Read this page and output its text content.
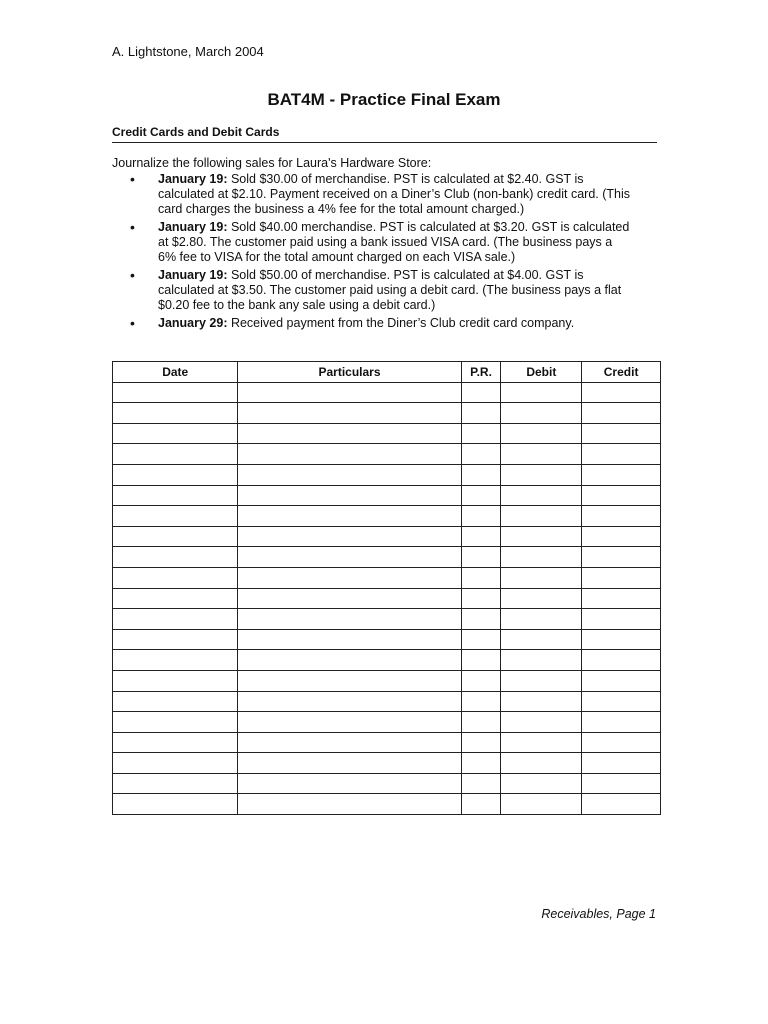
A. Lightstone, March 2004
BAT4M - Practice Final Exam
Credit Cards and Debit Cards
Journalize the following sales for Laura's Hardware Store:
• January 19: Sold $30.00 of merchandise. PST is calculated at $2.40. GST is calculated at $2.10. Payment received on a Diner’s Club (non-bank) credit card. (This card charges the business a 4% fee for the total amount charged.)
• January 19: Sold $40.00 merchandise. PST is calculated at $3.20. GST is calculated at $2.80. The customer paid using a bank issued VISA card. (The business pays a 6% fee to VISA for the total amount charged on each VISA sale.)
• January 19: Sold $50.00 of merchandise. PST is calculated at $4.00. GST is calculated at $3.50. The customer paid using a debit card. (The business pays a flat $0.20 fee to the bank any sale using a debit card.)
• January 29: Received payment from the Diner’s Club credit card company.
Date	Particulars	P.R.	Debit	Credit

Receivables, Page 1
